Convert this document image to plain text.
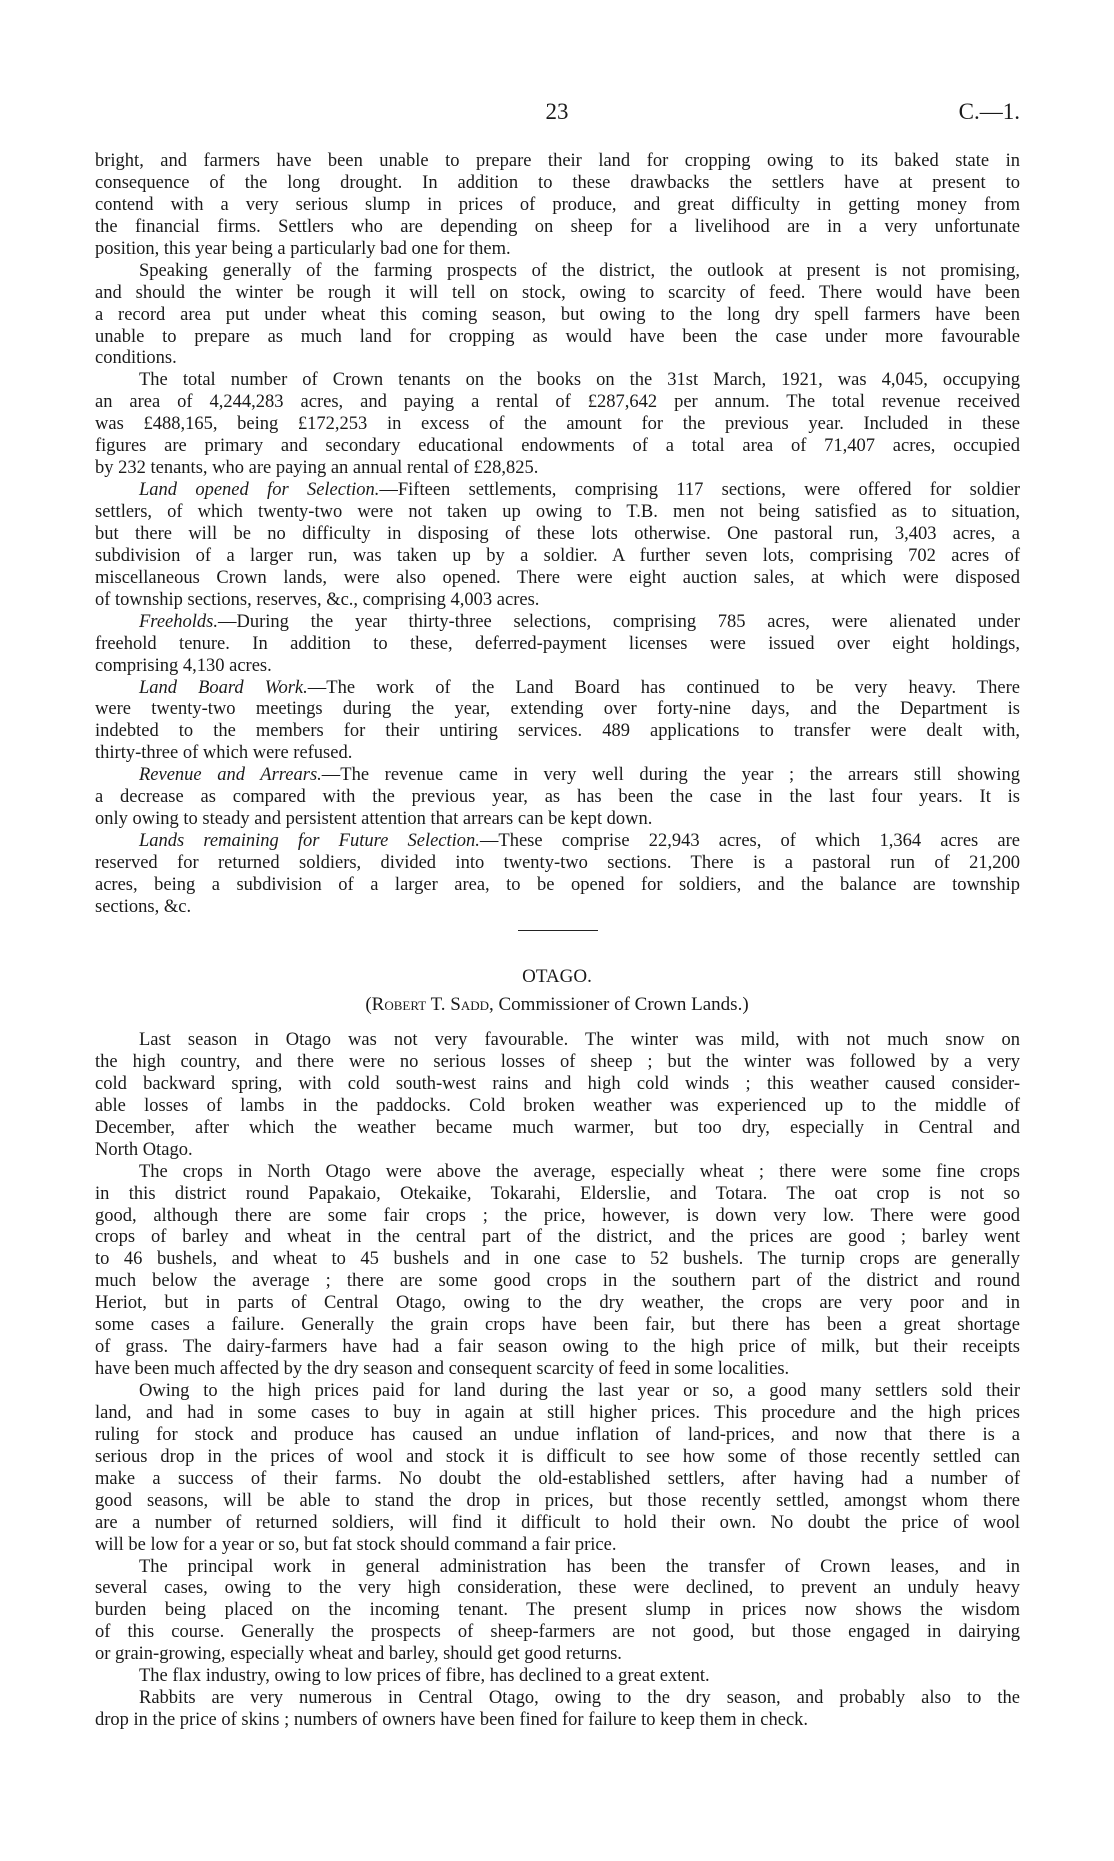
23	C.—1.
bright, and farmers have been unable to prepare their land for cropping owing to its baked state in
consequence of the long drought. In addition to these drawbacks the settlers have at present to
contend with a very serious slump in prices of produce, and great difficulty in getting money from
the financial firms. Settlers who are depending on sheep for a livelihood are in a very unfortunate
position, this year being a particularly bad one for them.
Speaking generally of the farming prospects of the district, the outlook at present is not promising,
and should the winter be rough it will tell on stock, owing to scarcity of feed. There would have been
a record area put under wheat this coming season, but owing to the long dry spell farmers have been
unable to prepare as much land for cropping as would have been the case under more favourable
conditions.
The total number of Crown tenants on the books on the 31st March, 1921, was 4,045, occupying
an area of 4,244,283 acres, and paying a rental of £287,642 per annum. The total revenue received
was £488,165, being £172,253 in excess of the amount for the previous year. Included in these
figures are primary and secondary educational endowments of a total area of 71,407 acres, occupied
by 232 tenants, who are paying an annual rental of £28,825.
Land opened for Selection.—Fifteen settlements, comprising 117 sections, were offered for soldier
settlers, of which twenty-two were not taken up owing to T.B. men not being satisfied as to situation,
but there will be no difficulty in disposing of these lots otherwise. One pastoral run, 3,403 acres, a
subdivision of a larger run, was taken up by a soldier. A further seven lots, comprising 702 acres of
miscellaneous Crown lands, were also opened. There were eight auction sales, at which were disposed
of township sections, reserves, &c., comprising 4,003 acres.
Freeholds.—During the year thirty-three selections, comprising 785 acres, were alienated under
freehold tenure. In addition to these, deferred-payment licenses were issued over eight holdings,
comprising 4,130 acres.
Land Board Work.—The work of the Land Board has continued to be very heavy. There
were twenty-two meetings during the year, extending over forty-nine days, and the Department is
indebted to the members for their untiring services. 489 applications to transfer were dealt with,
thirty-three of which were refused.
Revenue and Arrears.—The revenue came in very well during the year ; the arrears still showing
a decrease as compared with the previous year, as has been the case in the last four years. It is
only owing to steady and persistent attention that arrears can be kept down.
Lands remaining for Future Selection.—These comprise 22,943 acres, of which 1,364 acres are
reserved for returned soldiers, divided into twenty-two sections. There is a pastoral run of 21,200
acres, being a subdivision of a larger area, to be opened for soldiers, and the balance are township
sections, &c.
OTAGO.
(Robert T. Sadd, Commissioner of Crown Lands.)
Last season in Otago was not very favourable. The winter was mild, with not much snow on
the high country, and there were no serious losses of sheep ; but the winter was followed by a very
cold backward spring, with cold south-west rains and high cold winds ; this weather caused consider-
able losses of lambs in the paddocks. Cold broken weather was experienced up to the middle of
December, after which the weather became much warmer, but too dry, especially in Central and
North Otago.
The crops in North Otago were above the average, especially wheat ; there were some fine crops
in this district round Papakaio, Otekaike, Tokarahi, Elderslie, and Totara. The oat crop is not so
good, although there are some fair crops ; the price, however, is down very low. There were good
crops of barley and wheat in the central part of the district, and the prices are good ; barley went
to 46 bushels, and wheat to 45 bushels and in one case to 52 bushels. The turnip crops are generally
much below the average ; there are some good crops in the southern part of the district and round
Heriot, but in parts of Central Otago, owing to the dry weather, the crops are very poor and in
some cases a failure. Generally the grain crops have been fair, but there has been a great shortage
of grass. The dairy-farmers have had a fair season owing to the high price of milk, but their receipts
have been much affected by the dry season and consequent scarcity of feed in some localities.
Owing to the high prices paid for land during the last year or so, a good many settlers sold their
land, and had in some cases to buy in again at still higher prices. This procedure and the high prices
ruling for stock and produce has caused an undue inflation of land-prices, and now that there is a
serious drop in the prices of wool and stock it is difficult to see how some of those recently settled can
make a success of their farms. No doubt the old-established settlers, after having had a number of
good seasons, will be able to stand the drop in prices, but those recently settled, amongst whom there
are a number of returned soldiers, will find it difficult to hold their own. No doubt the price of wool
will be low for a year or so, but fat stock should command a fair price.
The principal work in general administration has been the transfer of Crown leases, and in
several cases, owing to the very high consideration, these were declined, to prevent an unduly heavy
burden being placed on the incoming tenant. The present slump in prices now shows the wisdom
of this course. Generally the prospects of sheep-farmers are not good, but those engaged in dairying
or grain-growing, especially wheat and barley, should get good returns.
The flax industry, owing to low prices of fibre, has declined to a great extent.
Rabbits are very numerous in Central Otago, owing to the dry season, and probably also to the
drop in the price of skins ; numbers of owners have been fined for failure to keep them in check.
